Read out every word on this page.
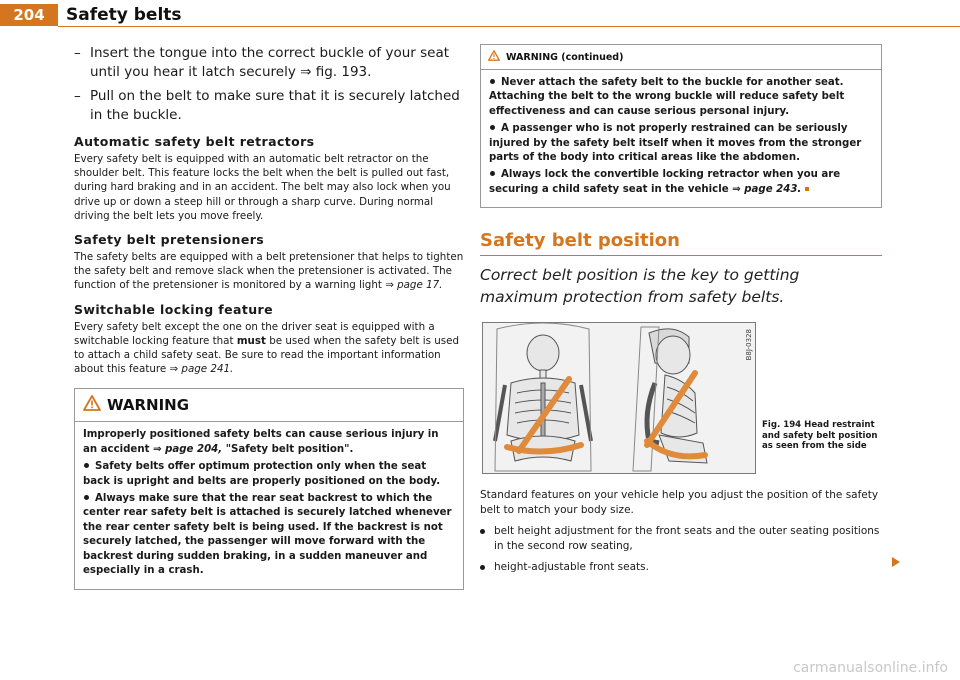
204	Safety belts
– Insert the tongue into the correct buckle of your seat until you hear it latch securely ⇒ fig. 193.
– Pull on the belt to make sure that it is securely latched in the buckle.
Automatic safety belt retractors

Every safety belt is equipped with an automatic belt retractor on the shoulder belt. This feature locks the belt when the belt is pulled out fast, during hard braking and in an accident. The belt may also lock when you drive up or down a steep hill or through a sharp curve. During normal driving the belt lets you move freely.

Safety belt pretensioners

The safety belts are equipped with a belt pretensioner that helps to tighten the safety belt and remove slack when the pretensioner is activated. The function of the pretensioner is monitored by a warning light ⇒ page 17.

Switchable locking feature

Every safety belt except the one on the driver seat is equipped with a switchable locking feature that must be used when the safety belt is used to attach a child safety seat. Be sure to read the important information about this feature ⇒ page 241.

WARNING

Improperly positioned safety belts can cause serious injury in an accident ⇒ page 204, "Safety belt position".

Safety belts offer optimum protection only when the seat back is upright and belts are properly positioned on the body.

Always make sure that the rear seat backrest to which the center rear safety belt is attached is securely latched whenever the rear center safety belt is being used. If the backrest is not securely latched, the passenger will move forward with the backrest during sudden braking, in a sudden maneuver and especially in a crash.

WARNING (continued)

Never attach the safety belt to the buckle for another seat. Attaching the belt to the wrong buckle will reduce safety belt effectiveness and can cause serious personal injury.

A passenger who is not properly restrained can be seriously injured by the safety belt itself when it moves from the stronger parts of the body into critical areas like the abdomen.

Always lock the convertible locking retractor when you are securing a child safety seat in the vehicle ⇒ page 243.

Safety belt position

Correct belt position is the key to getting maximum protection from safety belts.

B8J-0328
Fig. 194 Head restraint and safety belt position as seen from the side

Standard features on your vehicle help you adjust the position of the safety belt to match your body size.

belt height adjustment for the front seats and the outer seating positions in the second row seating,

height-adjustable front seats.

carmanualsonline.info
